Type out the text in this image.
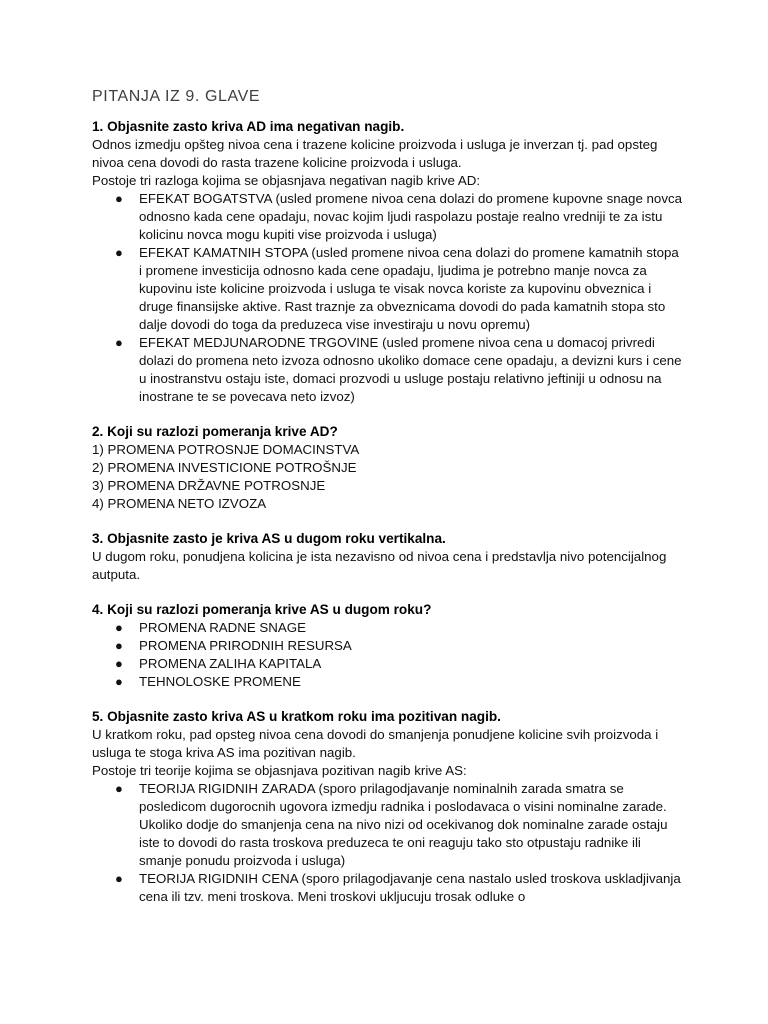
PITANJA IZ 9. GLAVE

1. Objasnite zasto kriva AD ima negativan nagib.

Odnos izmedju opšteg nivoa cena i trazene kolicine proizvoda i usluga je inverzan tj. pad opsteg nivoa cena dovodi do rasta trazene kolicine proizvoda i usluga.

Postoje tri razloga kojima se objasnjava negativan nagib krive AD:

● EFEKAT BOGATSTVA (usled promene nivoa cena dolazi do promene kupovne snage novca odnosno kada cene opadaju, novac kojim ljudi raspolazu postaje realno vredniji te za istu kolicinu novca mogu kupiti vise proizvoda i usluga)
● EFEKAT KAMATNIH STOPA (usled promene nivoa cena dolazi do promene kamatnih stopa i promene investicija odnosno kada cene opadaju, ljudima je potrebno manje novca za kupovinu iste kolicine proizvoda i usluga te visak novca koriste za kupovinu obveznica i druge finansijske aktive. Rast traznje za obveznicama dovodi do pada kamatnih stopa sto dalje dovodi do toga da preduzeca vise investiraju u novu opremu)
● EFEKAT MEDJUNARODNE TRGOVINE (usled promene nivoa cena u domacoj privredi dolazi do promena neto izvoza odnosno ukoliko domace cene opadaju, a devizni kurs i cene u inostranstvu ostaju iste, domaci prozvodi u usluge postaju relativno jeftiniji u odnosu na inostrane te se povecava neto izvoz)

2. Koji su razlozi pomeranja krive AD?

1) PROMENA POTROSNJE DOMACINSTVA
2) PROMENA INVESTICIONE POTROŠNJE
3) PROMENA DRŽAVNE POTROSNJE
4) PROMENA NETO IZVOZA

3. Objasnite zasto je kriva AS u dugom roku vertikalna.

U dugom roku, ponudjena kolicina je ista nezavisno od nivoa cena i predstavlja nivo potencijalnog autputa.

4. Koji su razlozi pomeranja krive AS u dugom roku?

● PROMENA RADNE SNAGE
● PROMENA PRIRODNIH RESURSA
● PROMENA ZALIHA KAPITALA
● TEHNOLOSKE PROMENE

5. Objasnite zasto kriva AS u kratkom roku ima pozitivan nagib.

U kratkom roku, pad opsteg nivoa cena dovodi do smanjenja ponudjene kolicine svih proizvoda i usluga te stoga kriva AS ima pozitivan nagib.

Postoje tri teorije kojima se objasnjava pozitivan nagib krive AS:

● TEORIJA RIGIDNIH ZARADA (sporo prilagodjavanje nominalnih zarada smatra se posledicom dugorocnih ugovora izmedju radnika i poslodavaca o visini nominalne zarade. Ukoliko dodje do smanjenja cena na nivo nizi od ocekivanog dok nominalne zarade ostaju iste to dovodi do rasta troskova preduzeca te oni reaguju tako sto otpustaju radnike ili smanje ponudu proizvoda i usluga)
● TEORIJA RIGIDNIH CENA (sporo prilagodjavanje cena nastalo usled troskova uskladjivanja cena ili tzv. meni troskova. Meni troskovi ukljucuju trosak odluke o
